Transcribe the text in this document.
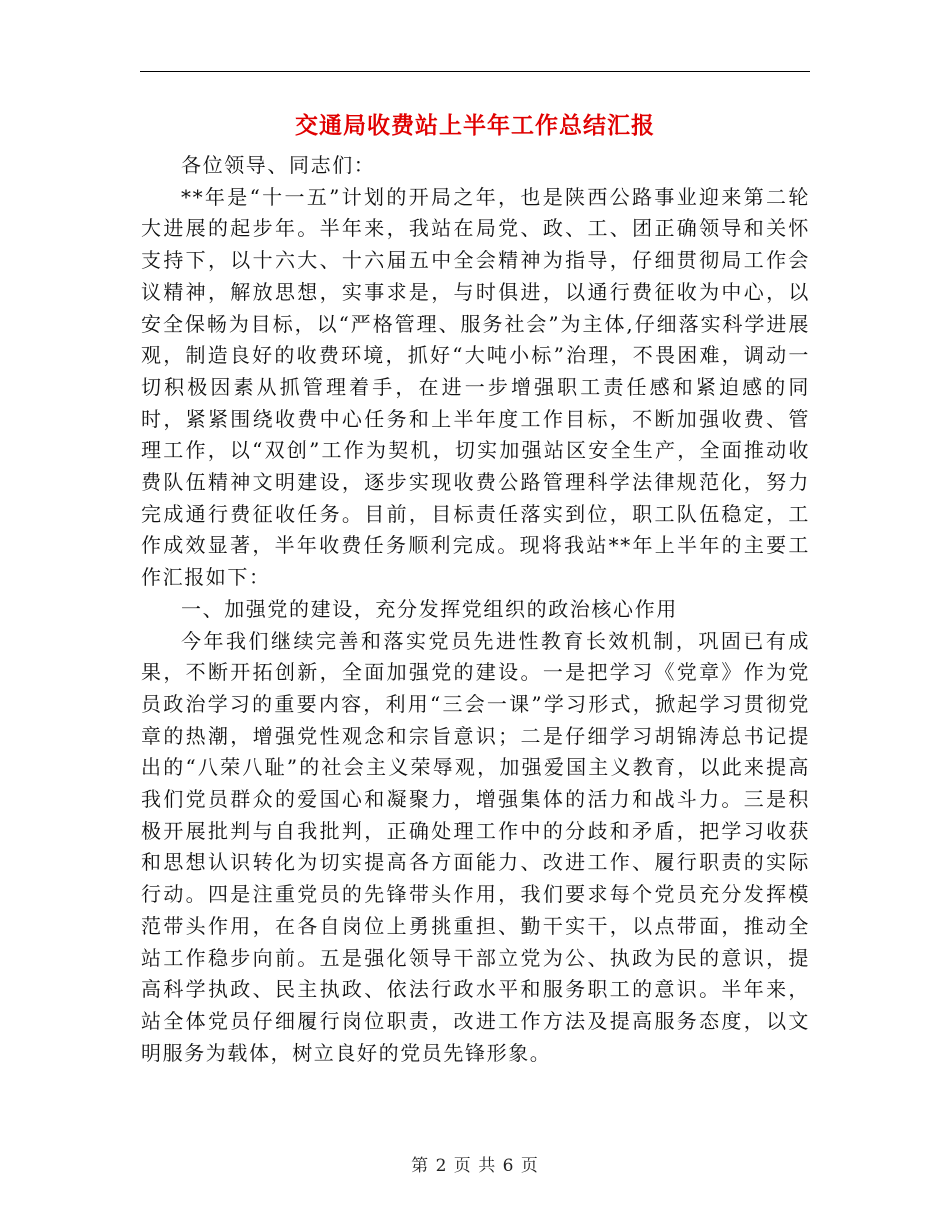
交通局收费站上半年工作总结汇报

各位领导、同志们：

**年是“十一五”计划的开局之年，也是陕西公路事业迎来第二轮大进展的起步年。半年来，我站在局党、政、工、团正确领导和关怀支持下，以十六大、十六届五中全会精神为指导，仔细贯彻局工作会议精神，解放思想，实事求是，与时俱进，以通行费征收为中心，以安全保畅为目标，以“严格管理、服务社会”为主体,仔细落实科学进展观，制造良好的收费环境，抓好“大吨小标”治理，不畏困难，调动一切积极因素从抓管理着手，在进一步增强职工责任感和紧迫感的同时，紧紧围绕收费中心任务和上半年度工作目标，不断加强收费、管理工作，以“双创”工作为契机，切实加强站区安全生产，全面推动收费队伍精神文明建设，逐步实现收费公路管理科学法律规范化，努力完成通行费征收任务。目前，目标责任落实到位，职工队伍稳定，工作成效显著，半年收费任务顺利完成。现将我站**年上半年的主要工作汇报如下：

一、加强党的建设，充分发挥党组织的政治核心作用

今年我们继续完善和落实党员先进性教育长效机制，巩固已有成果，不断开拓创新，全面加强党的建设。一是把学习《党章》作为党员政治学习的重要内容，利用“三会一课”学习形式，掀起学习贯彻党章的热潮，增强党性观念和宗旨意识；二是仔细学习胡锦涛总书记提出的“八荣八耻”的社会主义荣辱观，加强爱国主义教育，以此来提高我们党员群众的爱国心和凝聚力，增强集体的活力和战斗力。三是积极开展批判与自我批判，正确处理工作中的分歧和矛盾，把学习收获和思想认识转化为切实提高各方面能力、改进工作、履行职责的实际行动。四是注重党员的先锋带头作用，我们要求每个党员充分发挥模范带头作用，在各自岗位上勇挑重担、勤干实干，以点带面，推动全站工作稳步向前。五是强化领导干部立党为公、执政为民的意识，提高科学执政、民主执政、依法行政水平和服务职工的意识。半年来，站全体党员仔细履行岗位职责，改进工作方法及提高服务态度，以文明服务为载体，树立良好的党员先锋形象。

第 2 页 共 6 页
